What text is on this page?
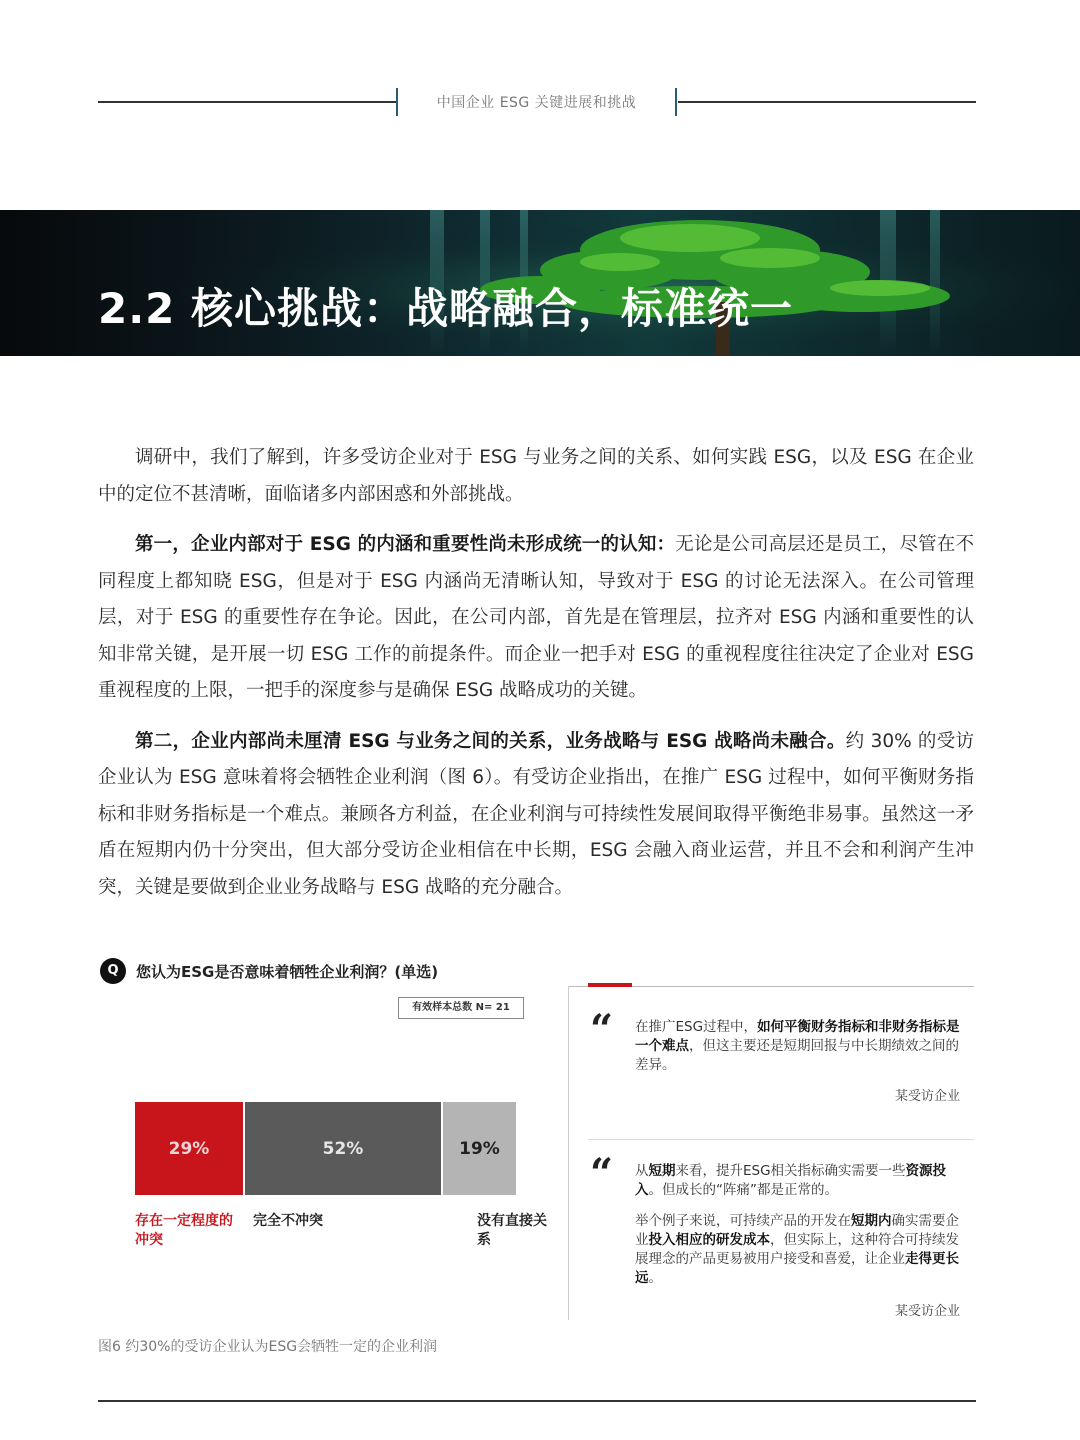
中国企业 ESG 关键进展和挑战
2.2 核心挑战：战略融合，标准统一

调研中，我们了解到，许多受访企业对于 ESG 与业务之间的关系、如何实践 ESG，以及 ESG 在企业中的定位不甚清晰，面临诸多内部困惑和外部挑战。

第一，企业内部对于 ESG 的内涵和重要性尚未形成统一的认知：无论是公司高层还是员工，尽管在不同程度上都知晓 ESG，但是对于 ESG 内涵尚无清晰认知，导致对于 ESG 的讨论无法深入。在公司管理层，对于 ESG 的重要性存在争论。因此，在公司内部，首先是在管理层，拉齐对 ESG 内涵和重要性的认知非常关键，是开展一切 ESG 工作的前提条件。而企业一把手对 ESG 的重视程度往往决定了企业对 ESG 重视程度的上限，一把手的深度参与是确保 ESG 战略成功的关键。

第二，企业内部尚未厘清 ESG 与业务之间的关系，业务战略与 ESG 战略尚未融合。约 30% 的受访企业认为 ESG 意味着将会牺牲企业利润（图 6）。有受访企业指出，在推广 ESG 过程中，如何平衡财务指标和非财务指标是一个难点。兼顾各方利益，在企业利润与可持续性发展间取得平衡绝非易事。虽然这一矛盾在短期内仍十分突出，但大部分受访企业相信在中长期，ESG 会融入商业运营，并且不会和利润产生冲突，关键是要做到企业业务战略与 ESG 战略的充分融合。

Q	您认为ESG是否意味着牺牲企业利润？(单选)
有效样本总数 N= 21
29%	52%	19%
存在一定程度的冲突
完全不冲突	没有直接关系
图6 约30%的受访企业认为ESG会牺牲一定的企业利润
“ 在推广ESG过程中，如何平衡财务指标和非财务指标是一个难点，但这主要还是短期回报与中长期绩效之间的差异。
某受访企业
“ 从短期来看，提升ESG相关指标确实需要一些资源投入。但成长的“阵痛”都是正常的。
举个例子来说，可持续产品的开发在短期内确实需要企业投入相应的研发成本，但实际上，这种符合可持续发展理念的产品更易被用户接受和喜爱，让企业走得更长远。
某受访企业
